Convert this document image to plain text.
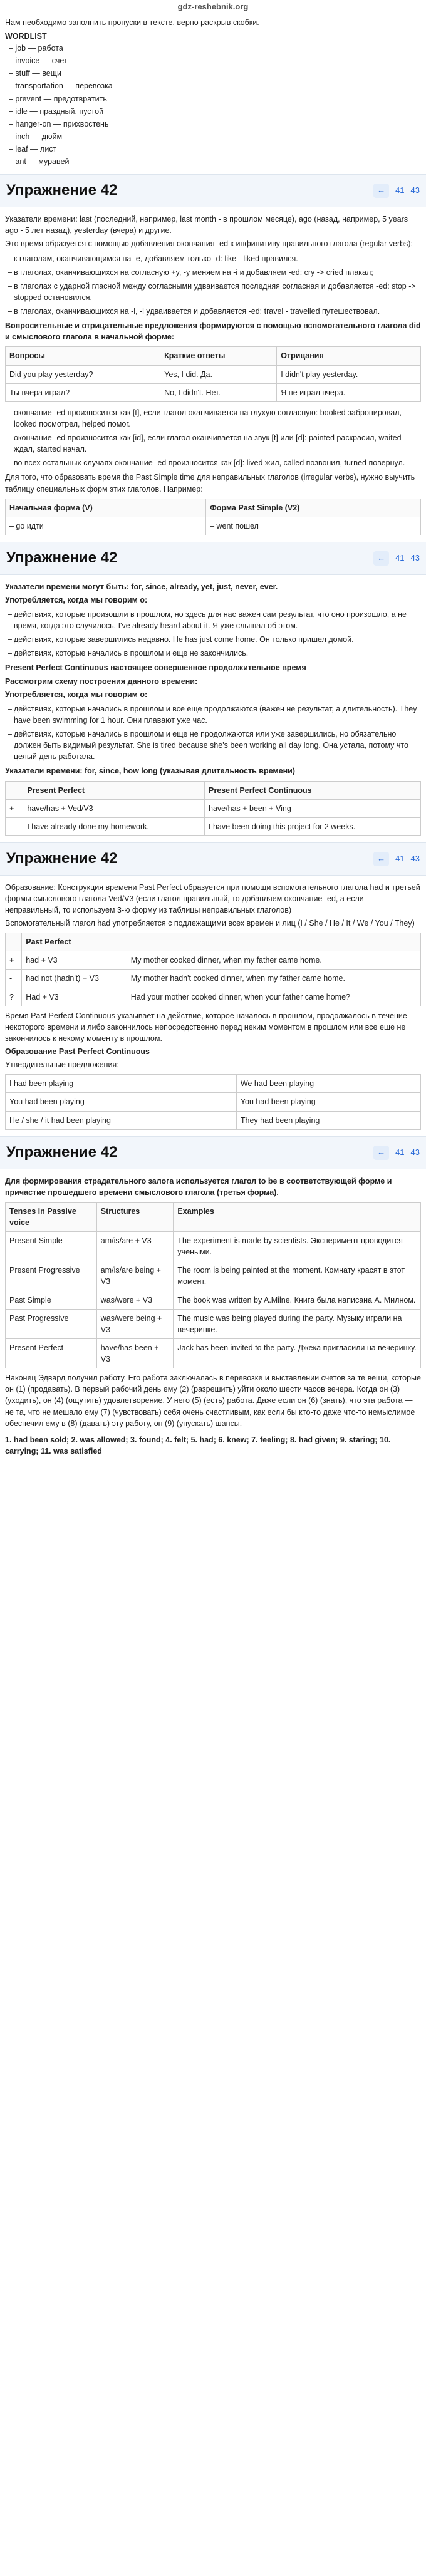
gdz-reshebnik.org

Нам необходимо заполнить пропуски в тексте, верно раскрыв скобки.

WORDLIST
– job — работа
– invoice — счет
– stuff — вещи
– transportation — перевозка
– prevent — предотвратить
– idle — праздный, пустой
– hanger-on — прихвостень
– inch — дюйм
– leaf — лист
– ant — муравей
Упражнение 42	←	41 43

Указатели времени: last (последний, например, last month - в прошлом месяце), ago (назад, например, 5 years ago - 5 лет назад), yesterday (вчера) и другие.

Это время образуется с помощью добавления окончания -ed к инфинитиву правильного глагола (regular verbs):

– к глаголам, оканчивающимся на -e, добавляем только -d: like - liked нравился.
– в глаголах, оканчивающихся на согласную +y, -y меняем на -i и добавляем -ed: cry -> cried плакал;
– в глаголах с ударной гласной между согласными удваивается последняя согласная и добавляется -ed: stop -> stopped остановился.
– в глаголах, оканчивающихся на -l, -l удваивается и добавляется -ed: travel - travelled путешествовал.

Вопросительные и отрицательные предложения формируются с помощью вспомогательного глагола did и смыслового глагола в начальной форме:

Вопросы	Краткие ответы	Отрицания
Did you play yesterday?	Yes, I did. Да.	I didn't play yesterday.
Ты вчера играл?	No, I didn't. Нет.	Я не играл вчера.
– окончание -ed произносится как [t], если глагол оканчивается на глухую согласную: booked забронировал, looked посмотрел, helped помог.
– окончание -ed произносится как [id], если глагол оканчивается на звук [t] или [d]: painted раскрасил, waited ждал, started начал.
– во всех остальных случаях окончание -ed произносится как [d]: lived жил, called позвонил, turned повернул.

Для того, что образовать время the Past Simple time для неправильных глаголов (irregular verbs), нужно выучить таблицу специальных форм этих глаголов. Например:

Начальная форма (V)	Форма Past Simple (V2)
– go идти	– went пошел
Упражнение 42	←	41 43

Указатели времени могут быть: for, since, already, yet, just, never, ever.

Употребляется, когда мы говорим о:

– действиях, которые произошли в прошлом, но здесь для нас важен сам результат, что оно произошло, а не время, когда это случилось. I've already heard about it. Я уже слышал об этом.
– действиях, которые завершились недавно. He has just come home. Он только пришел домой.
– действиях, которые начались в прошлом и еще не закончились.

Present Perfect Continuous настоящее совершенное продолжительное время

Рассмотрим схему построения данного времени:

Употребляется, когда мы говорим о:

– действиях, которые начались в прошлом и все еще продолжаются (важен не результат, а длительность). They have been swimming for 1 hour. Они плавают уже час.
– действиях, которые начались в прошлом и еще не продолжаются или уже завершились, но обязательно должен быть видимый результат. She is tired because she's been working all day long. Она устала, потому что целый день работала.

Указатели времени: for, since, how long (указывая длительность времени)

	Present Perfect	Present Perfect Continuous
+	have/has + Ved/V3	have/has + been + Ving
	I have already done my homework.	I have been doing this project for 2 weeks.
Упражнение 42	←	41 43

Образование: Конструкция времени Past Perfect образуется при помощи вспомогательного глагола had и третьей формы смыслового глагола Ved/V3 (если глагол правильный, то добавляем окончание -ed, а если неправильный, то используем 3-ю форму из таблицы неправильных глаголов)

Вспомогательный глагол had употребляется с подлежащими всех времен и лиц (I / She / He / It / We / You / They)

	Past Perfect	
+	had + V3	My mother cooked dinner, when my father came home.
-	had not (hadn't) + V3	My mother hadn't cooked dinner, when my father came home.
?	Had + V3	Had your mother cooked dinner, when your father came home?

Время Past Perfect Continuous указывает на действие, которое началось в прошлом, продолжалось в течение некоторого времени и либо закончилось непосредственно перед неким моментом в прошлом или все еще не закончилось к некому моменту в прошлом.

Образование Past Perfect Continuous

Утвердительные предложения:

I had been playing	We had been playing
You had been playing	You had been playing
He / she / it had been playing	They had been playing
Упражнение 42	←	41 43

Для формирования страдательного залога используется глагол to be в соответствующей форме и причастие прошедшего времени смыслового глагола (третья форма).

Tenses in Passive voice	Structures	Examples
Present Simple	am/is/are + V3	The experiment is made by scientists. Эксперимент проводится учеными.
Present Progressive	am/is/are being + V3	The room is being painted at the moment. Комнату красят в этот момент.
Past Simple	was/were + V3	The book was written by A.Milne. Книга была написана А. Милном.
Past Progressive	was/were being + V3	The music was being played during the party. Музыку играли на вечеринке.
Present Perfect	have/has been + V3	Jack has been invited to the party. Джека пригласили на вечеринку.

Наконец Эдвард получил работу. Его работа заключалась в перевозке и выставлении счетов за те вещи, которые он (1) (продавать). В первый рабочий день ему (2) (разрешить) уйти около шести часов вечера. Когда он (3) (уходить), он (4) (ощутить) удовлетворение. У него (5) (есть) работа. Даже если он (6) (знать), что эта работа — не та, что не мешало ему (7) (чувствовать) себя очень счастливым, как если бы кто-то даже что-то немыслимое обеспечил ему в (8) (давать) эту работу, он (9) (упускать) шансы.

1. had been sold; 2. was allowed; 3. found; 4. felt; 5. had; 6. knew; 7. feeling; 8. had given; 9. staring; 10. carrying; 11. was satisfied
